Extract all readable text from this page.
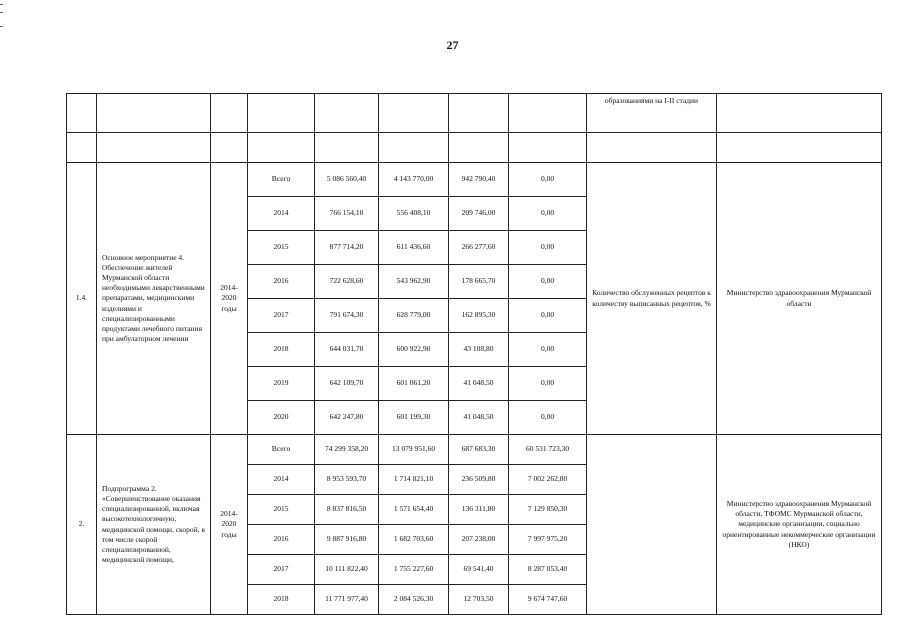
27
								образованиями на I-II стадии	

1.4.	Основное мероприятие 4. Обеспечение жителей Мурманской области необходимыми лекарственными препаратами, медицинскими изделиями и специализированными продуктами лечебного питания при амбулаторном лечении	2014-2020 годы	Всего	5 086 560,40	4 143 770,00	942 790,40	0,00	Количество обслуженных рецептов к количеству выписанных рецептов, %	Министерство здравоохранения Мурманской области
			2014	766 154,10	556 408,10	209 746,00	0,00		
			2015	877 714,20	611 436,60	266 277,60	0,00		
			2016	722 628,60	543 962,90	178 665,70	0,00		
			2017	791 674,30	628 779,00	162 895,30	0,00		
			2018	644 031,70	600 922,90	43 108,80	0,00		
			2019	642 109,70	601 061,20	41 048,50	0,00		
			2020	642 247,80	601 199,30	41 048,50	0,00		
2.	Подпрограмма 2. «Совершенствование оказания специализированной, включая высокотехнологичную, медицинской помощи, скорой, в том числе скорой специализированной, медицинской помощи,	2014-2020 годы	Всего	74 299 358,20	13 079 951,60	687 683,30	60 531 723,30		Министерство здравоохранения Мурманской области, ТФОМС Мурманской области, медицинские организации, социально ориентированные некоммерческие организации (НКО)
			2014	8 953 593,70	1 714 821,10	236 509,80	7 002 262,80		
			2015	8 837 816,50	1 571 654,40	136 311,80	7 129 850,30		
			2016	9 887 916,80	1 682 703,60	207 238,00	7 997 975,20		
			2017	10 111 822,40	1 755 227,60	69 541,40	8 287 053,40		
			2018	11 771 977,40	2 084 526,30	12 703,50	9 674 747,60		
